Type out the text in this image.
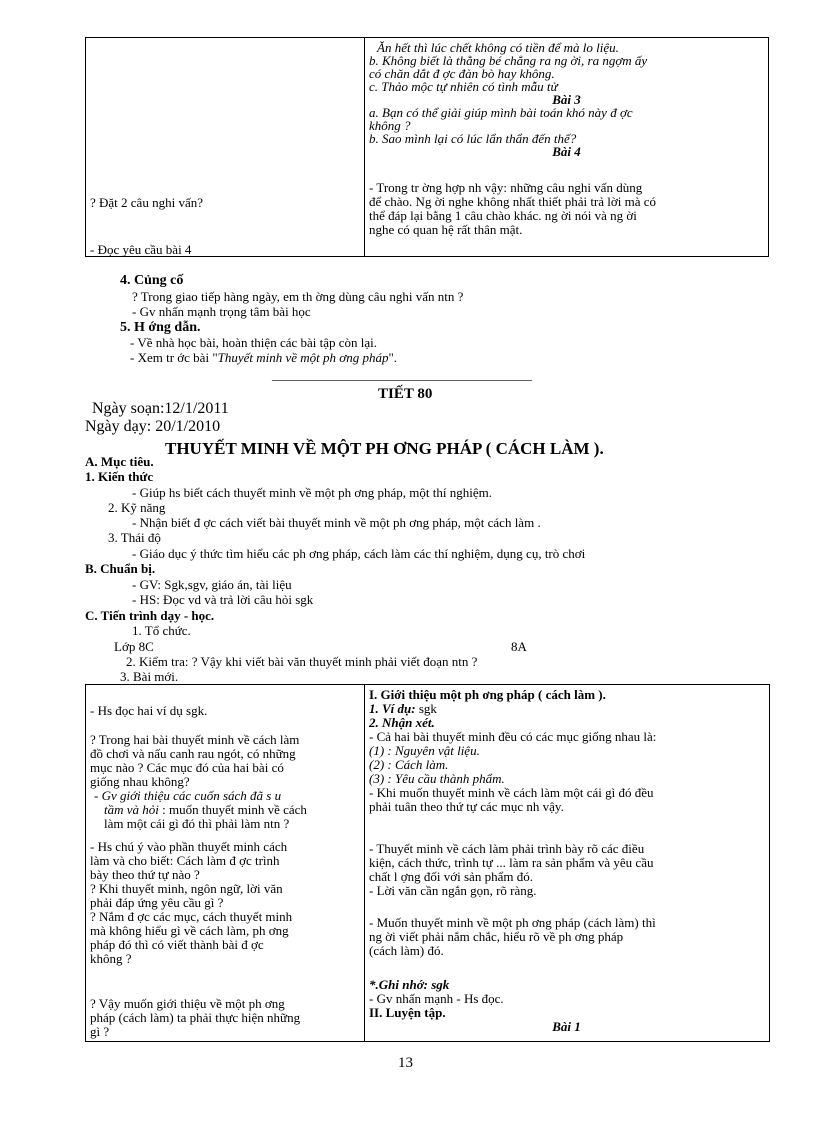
? Đặt 2 câu nghi vấn?
- Đọc yêu cầu bài 4
Ăn hết thì lúc chết không có tiền để mà lo liệu.
b. Không biết là thằng bé chẳng ra ng ời, ra ngợm ấy
có chăn dắt đ ợc đàn bò hay không.
c. Thảo mộc tự nhiên có tình mẫu tử
Bài 3
a. Bạn có thể giải giúp mình bài toán khó này đ ợc
không ?
b. Sao mình lại có lúc lẩn thẩn đến thế?
Bài 4
- Trong tr ờng hợp nh vậy: những câu nghi vấn dùng
để chào. Ng ời nghe không nhất thiết phải trả lời mà có
thể đáp lại bằng 1 câu chào khác. ng ời nói và ng ời
nghe có quan hệ rất thân mật.
4. Củng cố
? Trong giao tiếp hàng ngày, em th ờng dùng câu nghi vấn ntn ?
- Gv nhấn mạnh trọng tâm bài học
5. H ớng dẫn.
- Về nhà học bài, hoàn thiện các bài tập còn lại.
- Xem tr ớc bài "Thuyết minh về một ph ơng pháp".
________________________________________
TIẾT 80
Ngày soạn:12/1/2011
Ngày dạy: 20/1/2010
THUYẾT MINH VỀ MỘT PH ƠNG PHÁP ( CÁCH LÀM ).
A. Mục tiêu.
1. Kiến thức
- Giúp hs biết cách thuyết minh về một ph ơng pháp, một thí nghiệm.
2. Kỹ năng
- Nhận biết đ ợc cách viết bài thuyết minh về một ph ơng pháp, một cách làm .
3. Thái độ
- Giáo dục ý thức tìm hiểu các ph ơng pháp, cách làm các thí nghiệm, dụng cụ, trò chơi
B. Chuẩn bị.
- GV: Sgk,sgv, giáo án, tài liệu
- HS: Đọc vd và trả lời câu hỏi sgk
C. Tiến trình dạy - học.
1. Tổ chức.
Lớp 8C	8A
2. Kiểm tra: ? Vậy khi viết bài văn thuyết minh phải viết đoạn ntn ?
3. Bài mới.
- Hs đọc hai ví dụ sgk.
? Trong hai bài thuyết minh về cách làm
đồ chơi và nấu canh rau ngót, có những
mục nào ? Các mục đó của hai bài có
giống nhau không?
- Gv giới thiệu các cuốn sách đã s u
tầm và hỏi : muốn thuyết minh về cách
làm một cái gì đó thì phải làm ntn ?
- Hs chú ý vào phần thuyết minh cách
làm và cho biết: Cách làm đ ợc trình
bày theo thứ tự nào ?
? Khi thuyết minh, ngôn ngữ, lời văn
phải đáp ứng yêu cầu gì ?
? Nắm đ ợc các mục, cách thuyết minh
mà không hiểu gì về cách làm, ph ơng
pháp đó thì có viết thành bài đ ợc
không ?
? Vậy muốn giới thiệu về một ph ơng
pháp (cách làm) ta phải thực hiện những
gì ?
I. Giới thiệu một ph ơng pháp ( cách làm ).
1. Ví dụ: sgk
2. Nhận xét.
- Cả hai bài thuyết minh đều có các mục giống nhau là:
(1) : Nguyên vật liệu.
(2) : Cách làm.
(3) : Yêu cầu thành phẩm.
- Khi muốn thuyết minh về cách làm một cái gì đó đều
phải tuân theo thứ tự các mục nh vậy.
- Thuyết minh về cách làm phải trình bày rõ các điều
kiện, cách thức, trình tự ... làm ra sản phẩm và yêu cầu
chất l ợng đối với sản phẩm đó.
- Lời văn cần ngắn gọn, rõ ràng.
- Muốn thuyết minh về một ph ơng pháp (cách làm) thì
ng ời viết phải nắm chắc, hiểu rõ về ph ơng pháp
(cách làm) đó.
*.Ghi nhớ: sgk
- Gv nhấn mạnh - Hs đọc.
II. Luyện tập.
Bài 1
13
